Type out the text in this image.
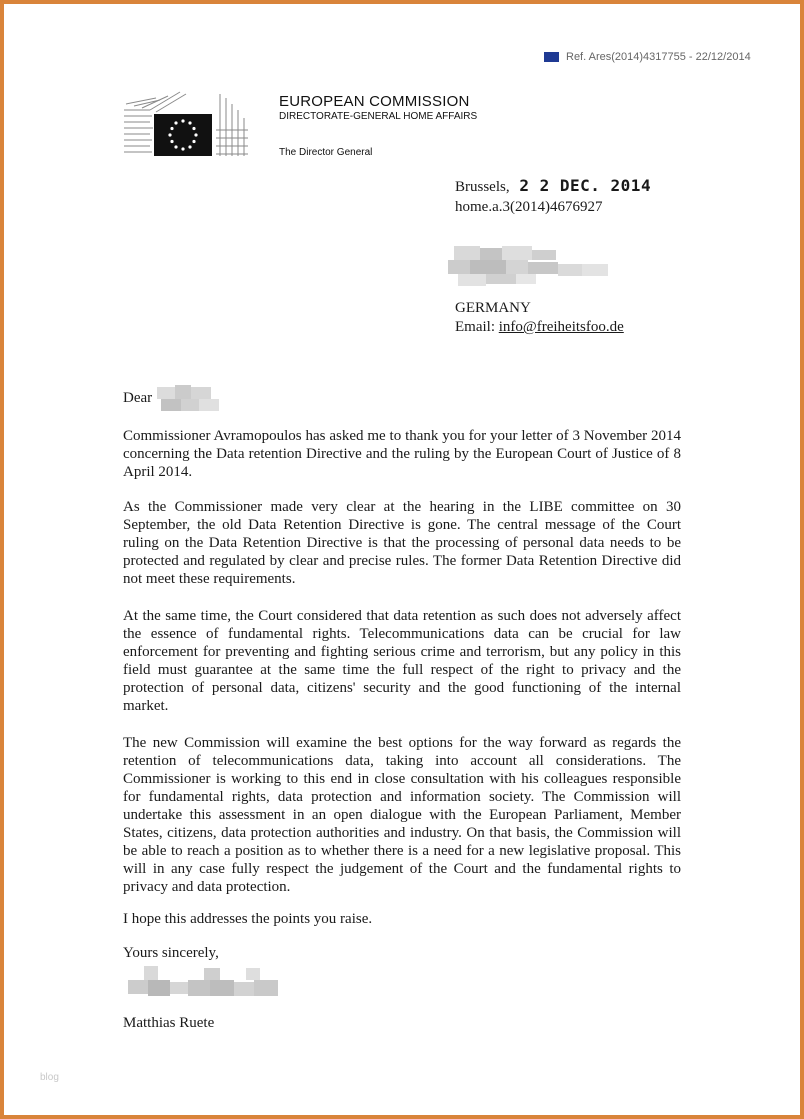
Ref. Ares(2014)4317755 - 22/12/2014
EUROPEAN COMMISSION
DIRECTORATE-GENERAL HOME AFFAIRS
The Director General
Brussels, 2 2 DEC. 2014
home.a.3(2014)4676927
GERMANY
Email: info@freiheitsfoo.de
Dear

Commissioner Avramopoulos has asked me to thank you for your letter of 3 November 2014 concerning the Data retention Directive and the ruling by the European Court of Justice of 8 April 2014.

As the Commissioner made very clear at the hearing in the LIBE committee on 30 September, the old Data Retention Directive is gone. The central message of the Court ruling on the Data Retention Directive is that the processing of personal data needs to be protected and regulated by clear and precise rules. The former Data Retention Directive did not meet these requirements.

At the same time, the Court considered that data retention as such does not adversely affect the essence of fundamental rights. Telecommunications data can be crucial for law enforcement for preventing and fighting serious crime and terrorism, but any policy in this field must guarantee at the same time the full respect of the right to privacy and the protection of personal data, citizens' security and the good functioning of the internal market.

The new Commission will examine the best options for the way forward as regards the retention of telecommunications data, taking into account all considerations. The Commissioner is working to this end in close consultation with his colleagues responsible for fundamental rights, data protection and information society. The Commission will undertake this assessment in an open dialogue with the European Parliament, Member States, citizens, data protection authorities and industry. On that basis, the Commission will be able to reach a position as to whether there is a need for a new legislative proposal. This will in any case fully respect the judgement of the Court and the fundamental rights to privacy and data protection.

I hope this addresses the points you raise.

Yours sincerely,
Matthias Ruete
blog
